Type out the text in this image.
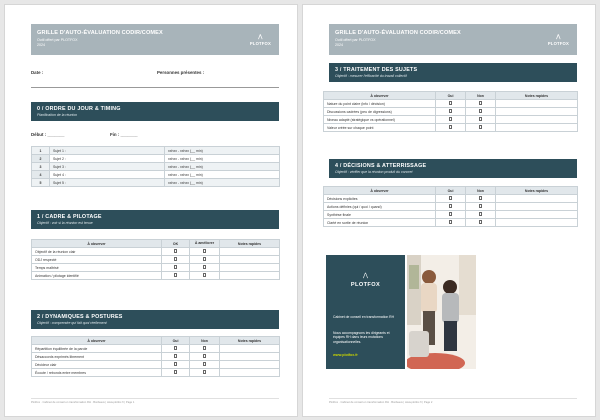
GRILLE D'AUTO-ÉVALUATION CODIR/COMEX
Outil offert par PLOTFOX
2024
⋀
PLOTFOX
Date :	Personnes présentes :
0 / ORDRE DU JOUR & TIMING
Planification de la réunion
Début : _______	Fin : _______
1	Sujet 1 :	xxhxx - xxhxx (__ min)
2	Sujet 2 :	xxhxx - xxhxx (__ min)
3	Sujet 3 :	xxhxx - xxhxx (__ min)
4	Sujet 4 :	xxhxx - xxhxx (__ min)
5	Sujet 5 :	xxhxx - xxhxx (__ min)
1 / CADRE & PILOTAGE
Objectif : voir si la réunion est tenue
À observer	OK	À améliorer	Notes rapides
Objectif de la réunion clair			
ODJ respecté			
Temps maîtrisé			
Animation / pilotage identifié			
2 / DYNAMIQUES & POSTURES
Objectif : comprendre qui fait quoi réellement
À observer	Oui	Non	Notes rapides
Répartition équilibrée de la parole			
Désaccords exprimés librement			
Décideur clair			
Écoute / rebonds entre membres			
PlotFox · Cabinet de conseil en transformation RH · Bordeaux | www.plotfox.fr | Page 1
GRILLE D'AUTO-ÉVALUATION CODIR/COMEX
Outil offert par PLOTFOX
2024
⋀
PLOTFOX
3 / TRAITEMENT DES SUJETS
Objectif : mesurer l'efficacité du travail collectif
À observer	Oui	Non	Notes rapides
Nature du point claire (info / décision)			
Discussions cadrées (peu de digressions)			
Niveau adapté (stratégique vs opérationnel)			
Valeur créée sur chaque point			
4 / DÉCISIONS & ATTERRISSAGE
Objectif : vérifier que la réunion produit du concret
À observer	Oui	Non	Notes rapides
Décisions explicites			
Actions définies (qui / quoi / quand)			
Synthèse finale			
Clarté en sortie de réunion			
⋀
PLOTFOX
Cabinet de conseil en transformation RH
Nous accompagnons les dirigeants et équipes RH dans leurs mutations organisationnelles.
www.plotfox.fr
PlotFox · Cabinet de conseil en transformation RH · Bordeaux | www.plotfox.fr | Page 2
